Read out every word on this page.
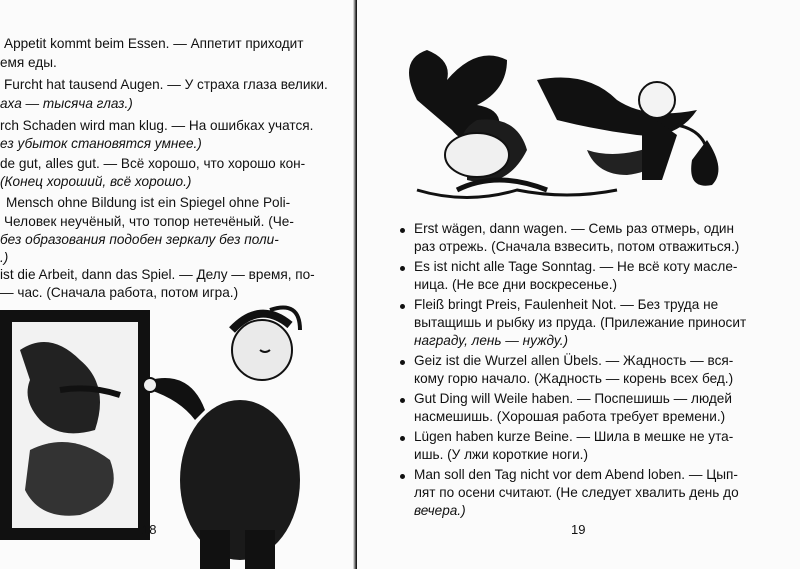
Appetit kommt beim Essen. — Аппетит приходит
емя еды.
Furcht hat tausend Augen. — У страха глаза велики.
аха — тысяча глаз.)
rch Schaden wird man klug. — На ошибках учатся.
ез убыток становятся умнее.)
de gut, alles gut. — Всё хорошо, что хорошо кон-
(Конец хороший, всё хорошо.)
Mensch ohne Bildung ist ein Spiegel ohne Poli-
Человек неучёный, что топор нетечёный. (Че-
без образования подобен зеркалу без поли-
.)
ist die Arbeit, dann das Spiel. — Делу — время, по-
— час. (Сначала работа, потом игра.)
18
Erst wägen, dann wagen. — Семь раз отмерь, один
раз отрежь. (Сначала взвесить, потом отважиться.)
Es ist nicht alle Tage Sonntag. — Не всё коту масле-
ница. (Не все дни воскресенье.)
Fleiß bringt Preis, Faulenheit Not. — Без труда не
вытащишь и рыбку из пруда. (Прилежание приносит
награду, лень — нужду.)
Geiz ist die Wurzel allen Übels. — Жадность — вся-
кому горю начало. (Жадность — корень всех бед.)
Gut Ding will Weile haben. — Поспешишь — людей
насмешишь. (Хорошая работа требует времени.)
Lügen haben kurze Beine. — Шила в мешке не ута-
ишь. (У лжи короткие ноги.)
Man soll den Tag nicht vor dem Abend loben. — Цып-
лят по осени считают. (Не следует хвалить день до
вечера.)
19
